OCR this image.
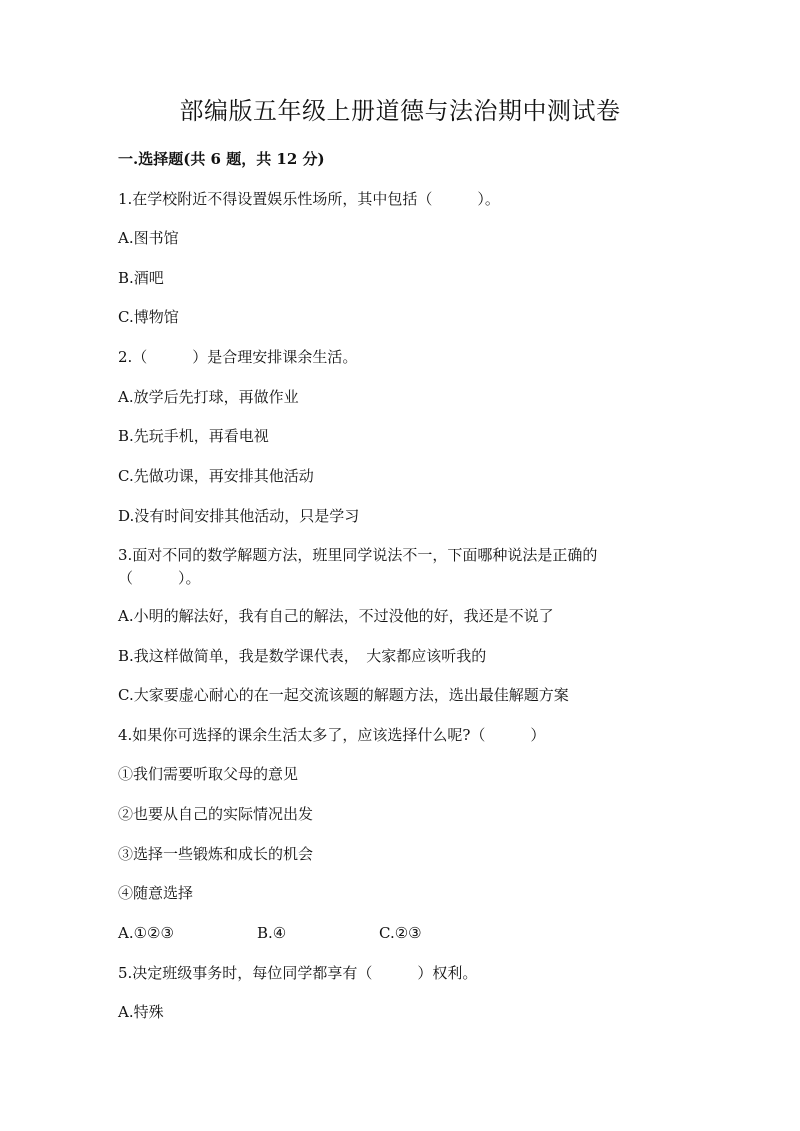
部编版五年级上册道德与法治期中测试卷
一.选择题(共 6 题，共 12 分)
1.在学校附近不得设置娱乐性场所，其中包括（　　　）。
A.图书馆
B.酒吧
C.博物馆
2.（　　　）是合理安排课余生活。
A.放学后先打球，再做作业
B.先玩手机，再看电视
C.先做功课，再安排其他活动
D.没有时间安排其他活动，只是学习
3.面对不同的数学解题方法，班里同学说法不一，下面哪种说法是正确的
（　　　）。
A.小明的解法好，我有自己的解法，不过没他的好，我还是不说了
B.我这样做简单，我是数学课代表，　大家都应该听我的
C.大家要虚心耐心的在一起交流该题的解题方法，选出最佳解题方案
4.如果你可选择的课余生活太多了，应该选择什么呢?（　　　）
①我们需要听取父母的意见
②也要从自己的实际情况出发
③选择一些锻炼和成长的机会
④随意选择
A.①②③	B.④	C.②③
5.决定班级事务时，每位同学都享有（　　　）权利。
A.特殊
